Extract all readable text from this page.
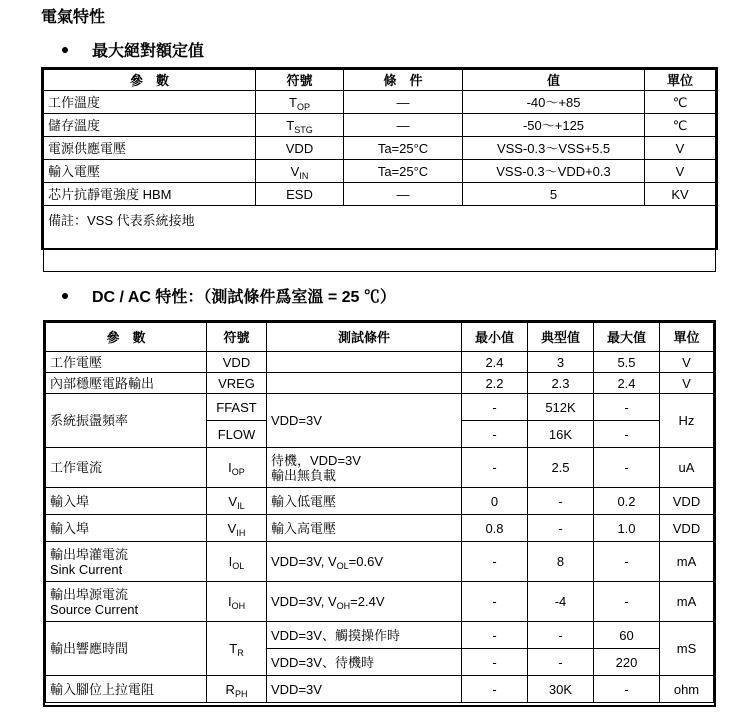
電氣特性
最大絕對額定值
參　數	符號	條　件	值	單位
工作溫度	$T_{OP}$	—	-40～+85	℃
儲存溫度	$T_{STG}$	—	-50～+125	℃
電源供應電壓	VDD	Ta=25°C	VSS-0.3～VSS+5.5	V
輸入電壓	$V_{IN}$	Ta=25°C	VSS-0.3～VDD+0.3	V
芯片抗靜電強度 HBM	ESD	—	5	KV
備註：VSS 代表系統接地				
DC / AC 特性：（測試條件爲室溫 = 25 ℃）
參　數	符號	測試條件	最小值	典型值	最大值	單位
工作電壓	VDD		2.4	3	5.5	V
內部穩壓電路輸出	VREG		2.2	2.3	2.4	V
系統振盪頻率	FFAST	VDD=3V	-	512K	-	Hz
	FLOW		-	16K	-	
工作電流	$I_{OP}$	待機，VDD=3V
輸出無負載	-	2.5	-	uA
輸入埠	$V_{IL}$	輸入低電壓	0	-	0.2	VDD
輸入埠	$V_{IH}$	輸入高電壓	0.8	-	1.0	VDD

輸出埠灌電流
Sink Current	$I_{OL}$	VDD=3V, $V_{OL}=0.6V$	-	8	-	mA

輸出埠源電流
Source Current	$I_{OH}$	VDD=3V, $V_{OH}=2.4V$	-	-4	-	mA
輸出響應時間	$T_R$	VDD=3V、觸摸操作時	-	-	60	mS
		VDD=3V、待機時	-	-	220	
輸入腳位上拉電阻	$R_{PH}$	VDD=3V	-	30K	-	ohm
